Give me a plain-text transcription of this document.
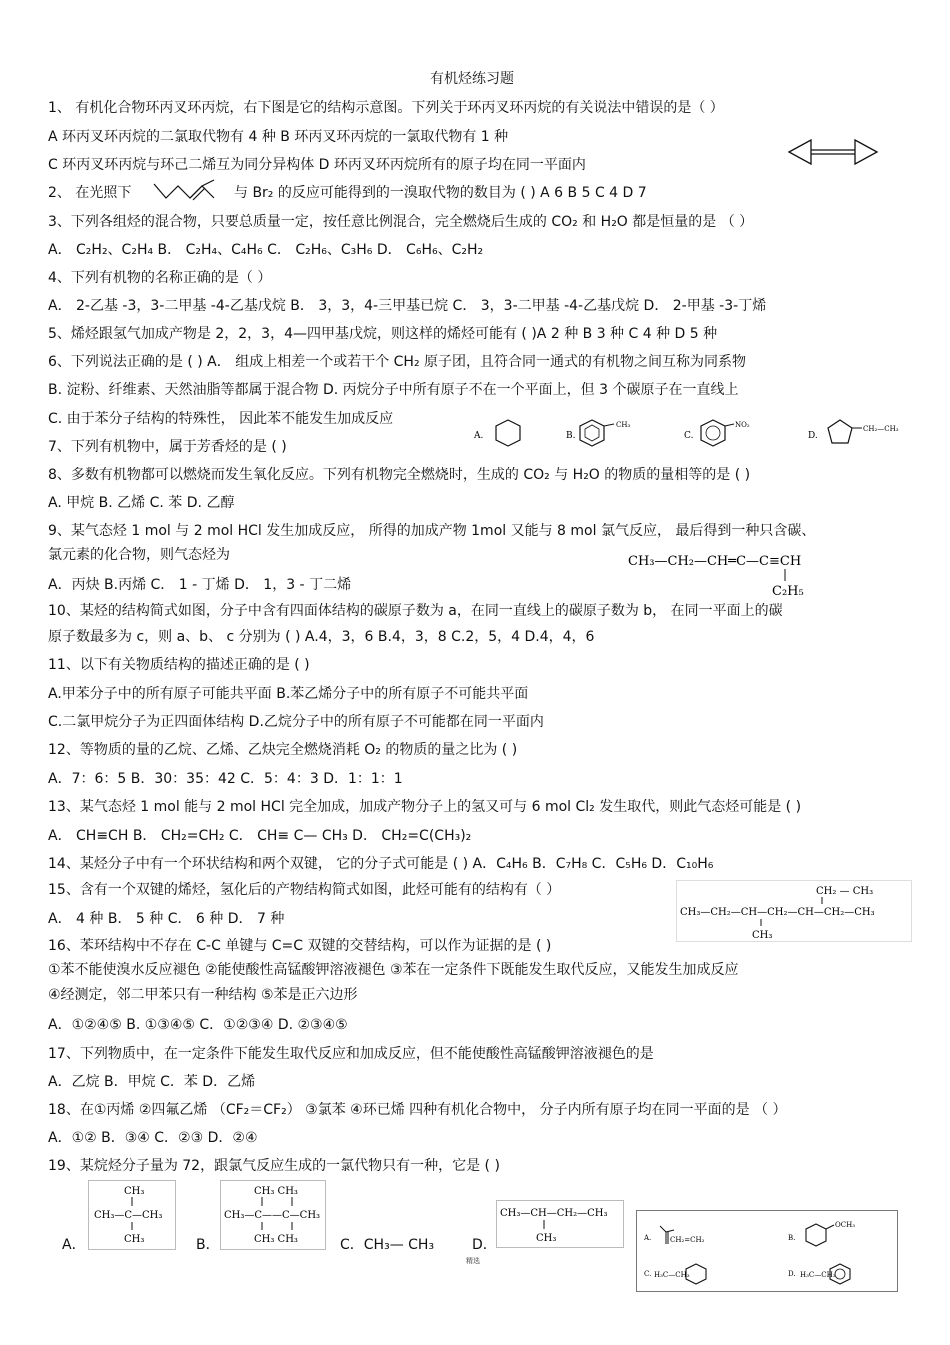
有机烃练习题
1、 有机化合物环丙叉环丙烷，右下图是它的结构示意图。下列关于环丙叉环丙烷的有关说法中错误的是（ ）
A 环丙叉环丙烷的二氯取代物有 4 种 B 环丙叉环丙烷的一氯取代物有 1 种
C 环丙叉环丙烷与环己二烯互为同分异构体 D 环丙叉环丙烷所有的原子均在同一平面内
2、 在光照下	与 Br₂ 的反应可能得到的一溴取代物的数目为 ( ) A 6 B 5 C 4 D 7
3、下列各组烃的混合物，只要总质量一定，按任意比例混合，完全燃烧后生成的 CO₂ 和 H₂O 都是恒量的是 （ ）
A． C₂H₂、C₂H₄ B． C₂H₄、C₄H₆ C． C₂H₆、C₃H₆ D． C₆H₆、C₂H₂
4、下列有机物的名称正确的是（ ）
A． 2-乙基 -3，3-二甲基 -4-乙基戊烷 B． 3，3，4-三甲基已烷 C． 3，3-二甲基 -4-乙基戊烷 D． 2-甲基 -3-丁烯
5、烯烃跟氢气加成产物是 2，2，3，4—四甲基戊烷，则这样的烯烃可能有 ( )A 2 种 B 3 种 C 4 种 D 5 种
6、下列说法正确的是 ( ) A． 组成上相差一个或若干个 CH₂ 原子团，且符合同一通式的有机物之间互称为同系物
B. 淀粉、纤维素、天然油脂等都属于混合物 D. 丙烷分子中所有原子不在一个平面上，但 3 个碳原子在一直线上
C. 由于苯分子结构的特殊性， 因此苯不能发生加成反应
7、下列有机物中，属于芳香烃的是 ( )
8、多数有机物都可以燃烧而发生氧化反应。下列有机物完全燃烧时，生成的 CO₂ 与 H₂O 的物质的量相等的是 ( )
A. 甲烷 B. 乙烯 C. 苯 D. 乙醇
9、某气态烃 1 mol 与 2 mol HCl 发生加成反应， 所得的加成产物 1mol 又能与 8 mol 氯气反应， 最后得到一种只含碳、
氯元素的化合物，则气态烃为
A．丙炔 B.丙烯 C． 1 - 丁烯 D． 1，3 - 丁二烯
10、某烃的结构简式如图，分子中含有四面体结构的碳原子数为 a，在同一直线上的碳原子数为 b， 在同一平面上的碳
原子数最多为 c，则 a、b、 c 分别为 ( ) A.4，3，6 B.4，3，8 C.2，5，4 D.4，4，6
11、以下有关物质结构的描述正确的是 ( )
A.甲苯分子中的所有原子可能共平面 B.苯乙烯分子中的所有原子不可能共平面
C.二氯甲烷分子为正四面体结构 D.乙烷分子中的所有原子不可能都在同一平面内
12、等物质的量的乙烷、乙烯、乙炔完全燃烧消耗 O₂ 的物质的量之比为 ( )
A．7：6：5 B．30：35：42 C．5：4：3 D．1：1：1
13、某气态烃 1 mol 能与 2 mol HCl 完全加成，加成产物分子上的氢又可与 6 mol Cl₂ 发生取代，则此气态烃可能是 ( )
A． CH≡CH B． CH₂=CH₂ C． CH≡ C— CH₃ D． CH₂=C(CH₃)₂
14、某烃分子中有一个环状结构和两个双键， 它的分子式可能是 ( ) A．C₄H₆ B．C₇H₈ C．C₅H₆ D．C₁₀H₆
15、含有一个双键的烯烃，氢化后的产物结构简式如图，此烃可能有的结构有（ ）
A． 4 种 B． 5 种 C． 6 种 D． 7 种
16、苯环结构中不存在 C-C 单键与 C=C 双键的交替结构，可以作为证据的是 ( )
①苯不能使溴水反应褪色 ②能使酸性高锰酸钾溶液褪色 ③苯在一定条件下既能发生取代反应，又能发生加成反应
④经测定，邻二甲苯只有一种结构 ⑤苯是正六边形
A．①②④⑤ B. ①③④⑤ C．①②③④ D. ②③④⑤
17、下列物质中，在一定条件下能发生取代反应和加成反应，但不能使酸性高锰酸钾溶液褪色的是
A．乙烷 B．甲烷 C．苯 D．乙烯
18、在①丙烯 ②四氟乙烯 （CF₂＝CF₂） ③氯苯 ④环已烯 四种有机化合物中， 分子内所有原子均在同一平面的是 （ ）
A．①② B．③④ C．②③ D．②④
19、某烷烃分子量为 72，跟氯气反应生成的一氯代物只有一种，它是 ( )
A．	B．	C．CH₃— CH₃	D．
A.	B.
CH₃
C.
NO₂
D.
CH₂—CH₃
CH₃—CH₂—CH═C—C≡CH
C₂H₅
CH₂ — CH₃
CH₃—CH₂—CH—CH₂—CH—CH₂—CH₃
CH₃
CH₃
CH₃—C—CH₃
CH₃
CH₃ CH₃
CH₃—C——C—CH₃
CH₃ CH₃
CH₃—CH—CH₂—CH₃
CH₃	A.	CH₂=CH₂	B.
OCH₃
C. H₃C—CH₃	D. H₃C—CH₃
精选
